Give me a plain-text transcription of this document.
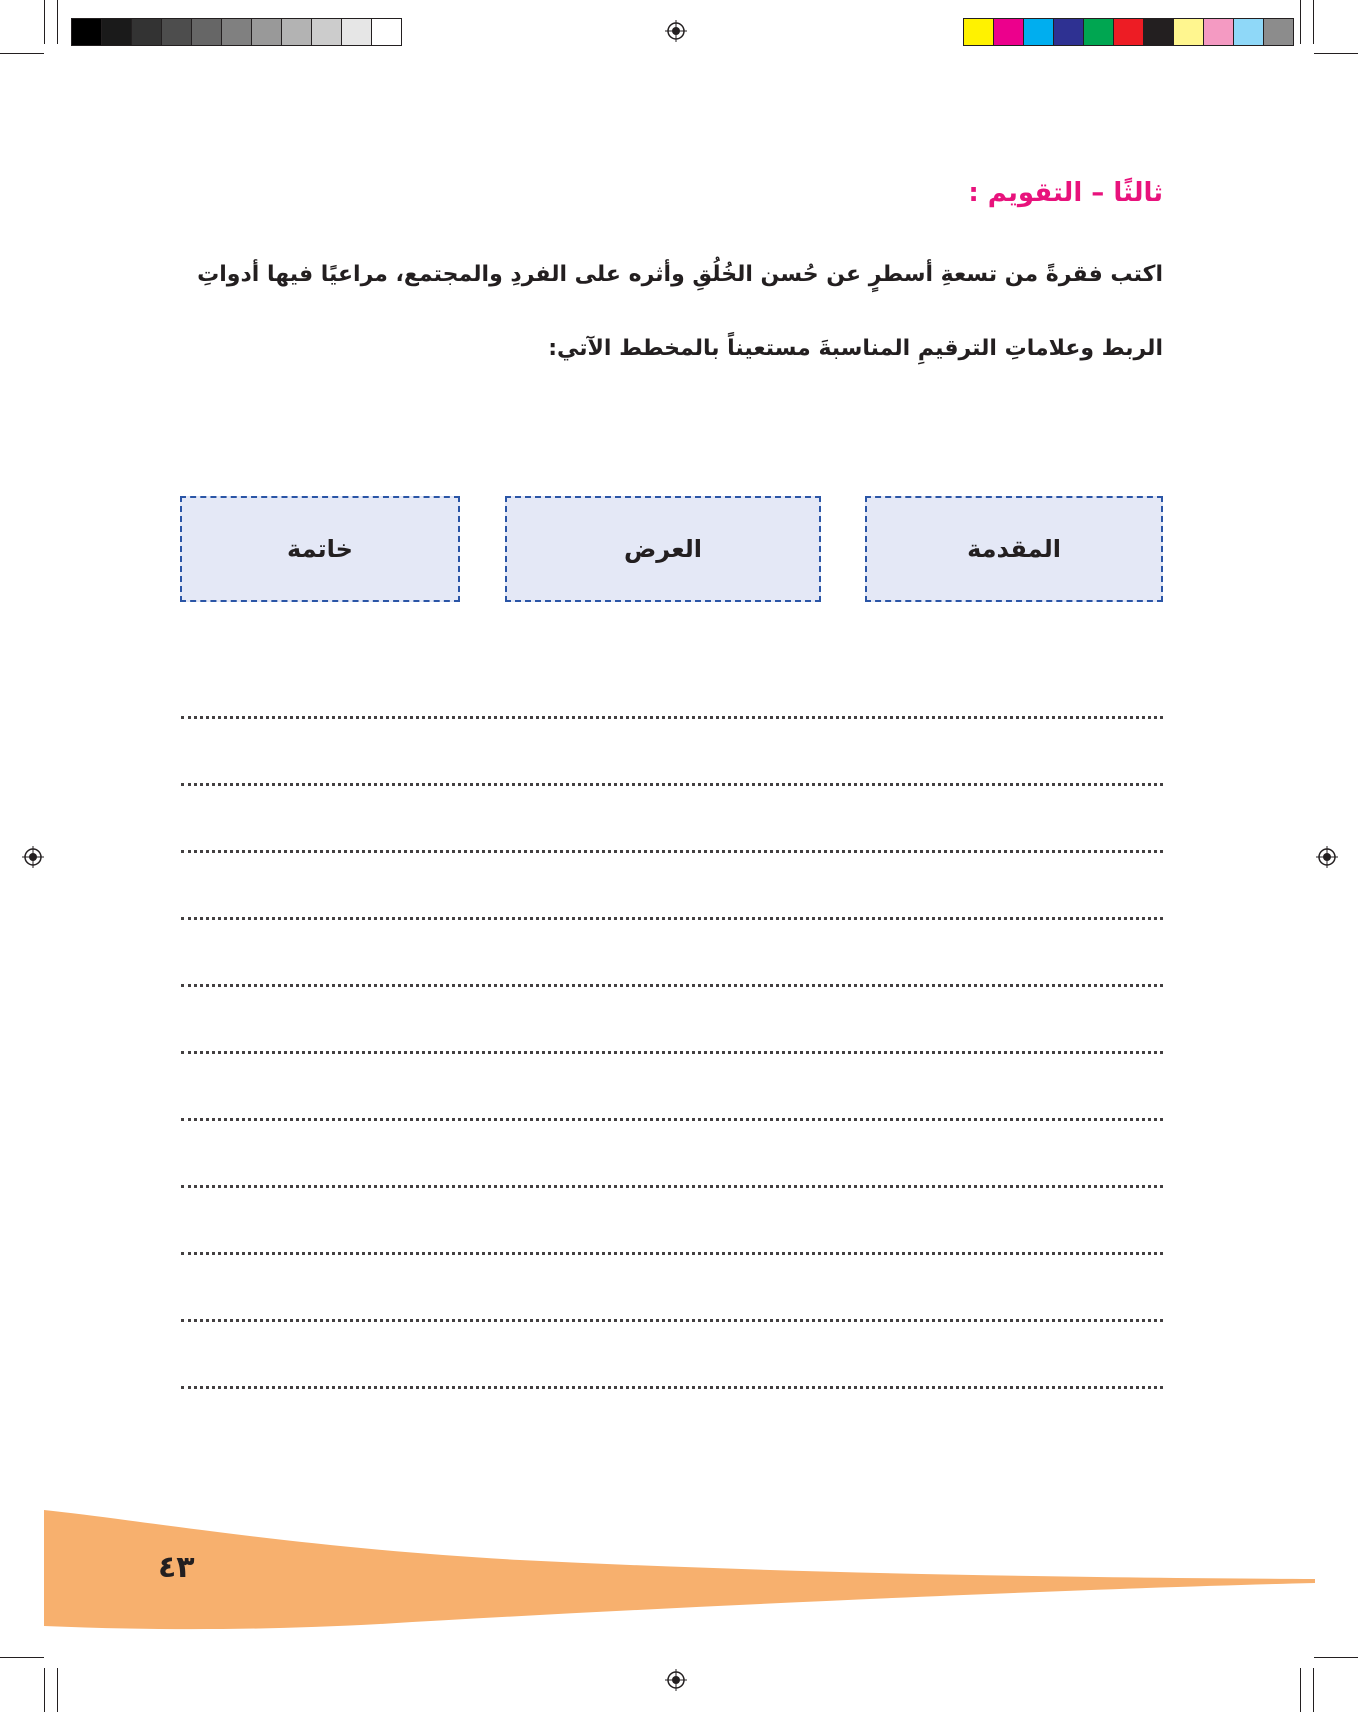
ثالثًا – التقويم :

اكتب فقرةً من تسعةِ أسطرٍ عن حُسن الخُلُقِ وأثره على الفردِ والمجتمع، مراعيًا فيها أدواتِ

الربط وعلاماتِ الترقيمِ المناسبةَ مستعيناً بالمخطط الآتي:

المقدمة
العرض
خاتمة
٤٣
